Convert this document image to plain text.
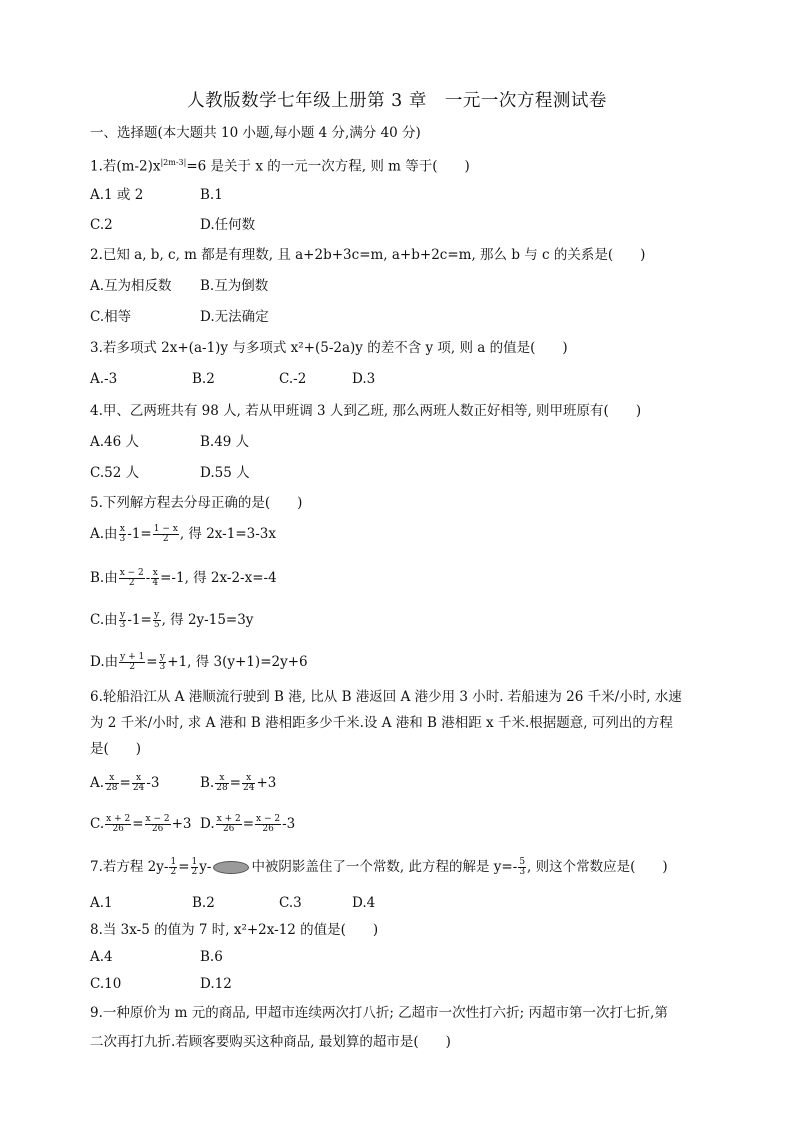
人教版数学七年级上册第 3 章　一元一次方程测试卷
一、选择题(本大题共 10 小题,每小题 4 分,满分 40 分)
1.若$(m-2)x^{|2m-3|}=6$ 是关于 x 的一元一次方程, 则 m 等于(　　)
A.1 或 2	B.1
C.2	D.任何数
2.已知 a, b, c, m 都是有理数, 且 a+2b+3c=m, a+b+2c=m, 那么 b 与 c 的关系是(　　)
A.互为相反数 B.互为倒数
C.相等	D.无法确定
3.若多项式 2x+(a-1)y 与多项式 x²+(5-2a)y 的差不含 y 项, 则 a 的值是(　　)
A.-3	B.2	C.-2	D.3
4.甲、乙两班共有 98 人, 若从甲班调 3 人到乙班, 那么两班人数正好相等, 则甲班原有(　　)
A.46 人	B.49 人
C.52 人	D.55 人
5.下列解方程去分母正确的是(　　)
A.由 $\frac{x}{3} -1= \frac{1 - x}{2}$ , 得 2x-1=3-3x
B.由 $\frac{x - 2}{2} - \frac{x}{4} =-1$, 得 2x-2-x=-4
C.由 $\frac{y}{3} -1= \frac{y}{5}$ , 得 2y-15=3y
D.由 $\frac{y + 1}{2} = \frac{y}{3} +1$, 得 3(y+1)=2y+6
6.轮船沿江从 A 港顺流行驶到 B 港, 比从 B 港返回 A 港少用 3 小时. 若船速为 26 千米/小时, 水速
为 2 千米/小时, 求 A 港和 B 港相距多少千米.设 A 港和 B 港相距 x 千米.根据题意, 可列出的方程
是(　　)
A. $\frac{x}{28} = \frac{x}{24} -3$	B. $\frac{x}{28} = \frac{x}{24} +3$
C. $\frac{x + 2}{26} = \frac{x - 2}{26} +3$ D. $\frac{x + 2}{26} = \frac{x - 2}{26} -3$
7.若方程 $2y- \frac{1}{2} = \frac{1}{2} y-$	中被阴影盖住了一个常数, 此方程的解是 $y=- \frac{5}{3}$ , 则这个常数应是(　　)
A.1	B.2	C.3	D.4
8.当 3x-5 的值为 7 时, x²+2x-12 的值是(　　)
A.4	B.6
C.10	D.12
9.一种原价为 m 元的商品, 甲超市连续两次打八折; 乙超市一次性打六折; 丙超市第一次打七折,第
二次再打九折.若顾客要购买这种商品, 最划算的超市是(　　)
